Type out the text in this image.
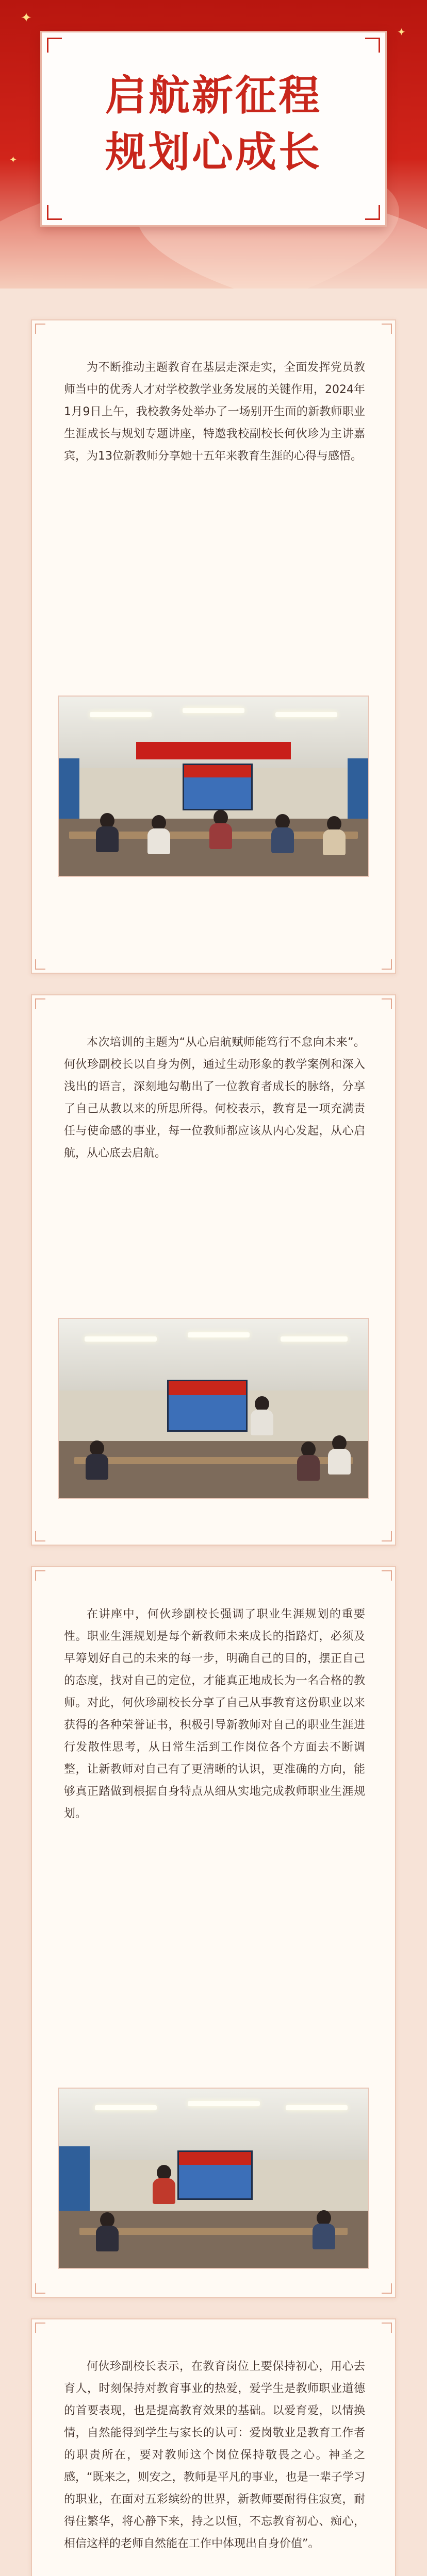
✦
✦
✦
启航新征程
规划心成长

为不断推动主题教育在基层走深走实，全面发挥党员教师当中的优秀人才对学校教学业务发展的关键作用，2024年1月9日上午，我校教务处举办了一场别开生面的新教师职业生涯成长与规划专题讲座，特邀我校副校长何伙珍为主讲嘉宾，为13位新教师分享她十五年来教育生涯的心得与感悟。

本次培训的主题为“从心启航赋师能笃行不怠向未来”。何伙珍副校长以自身为例，通过生动形象的教学案例和深入浅出的语言，深刻地勾勒出了一位教育者成长的脉络，分享了自己从教以来的所思所得。何校表示，教育是一项充满责任与使命感的事业，每一位教师都应该从内心发起，从心启航，从心底去启航。

在讲座中，何伙珍副校长强调了职业生涯规划的重要性。职业生涯规划是每个新教师未来成长的指路灯，必须及早筹划好自己的未来的每一步，明确自己的目的，摆正自己的态度，找对自己的定位，才能真正地成长为一名合格的教师。对此，何伙珍副校长分享了自己从事教育这份职业以来获得的各种荣誉证书，积极引导新教师对自己的职业生涯进行发散性思考，从日常生活到工作岗位各个方面去不断调整，让新教师对自己有了更清晰的认识，更准确的方向，能够真正踏做到根据自身特点从细从实地完成教师职业生涯规划。

何伙珍副校长表示，在教育岗位上要保持初心，用心去育人，时刻保持对教育事业的热爱，爱学生是教师职业道德的首要表现，也是提高教育效果的基础。以爱育爱，以情换情，自然能得到学生与家长的认可：爱岗敬业是教育工作者的职责所在，要对教师这个岗位保持敬畏之心。神圣之感，“既来之，则安之，教师是平凡的事业，也是一辈子学习的职业，在面对五彩缤纷的世界，新教师要耐得住寂寞，耐得住繁华，将心静下来，持之以恒，不忘教育初心、痴心，相信这样的老师自然能在工作中体现出自身价值”。
